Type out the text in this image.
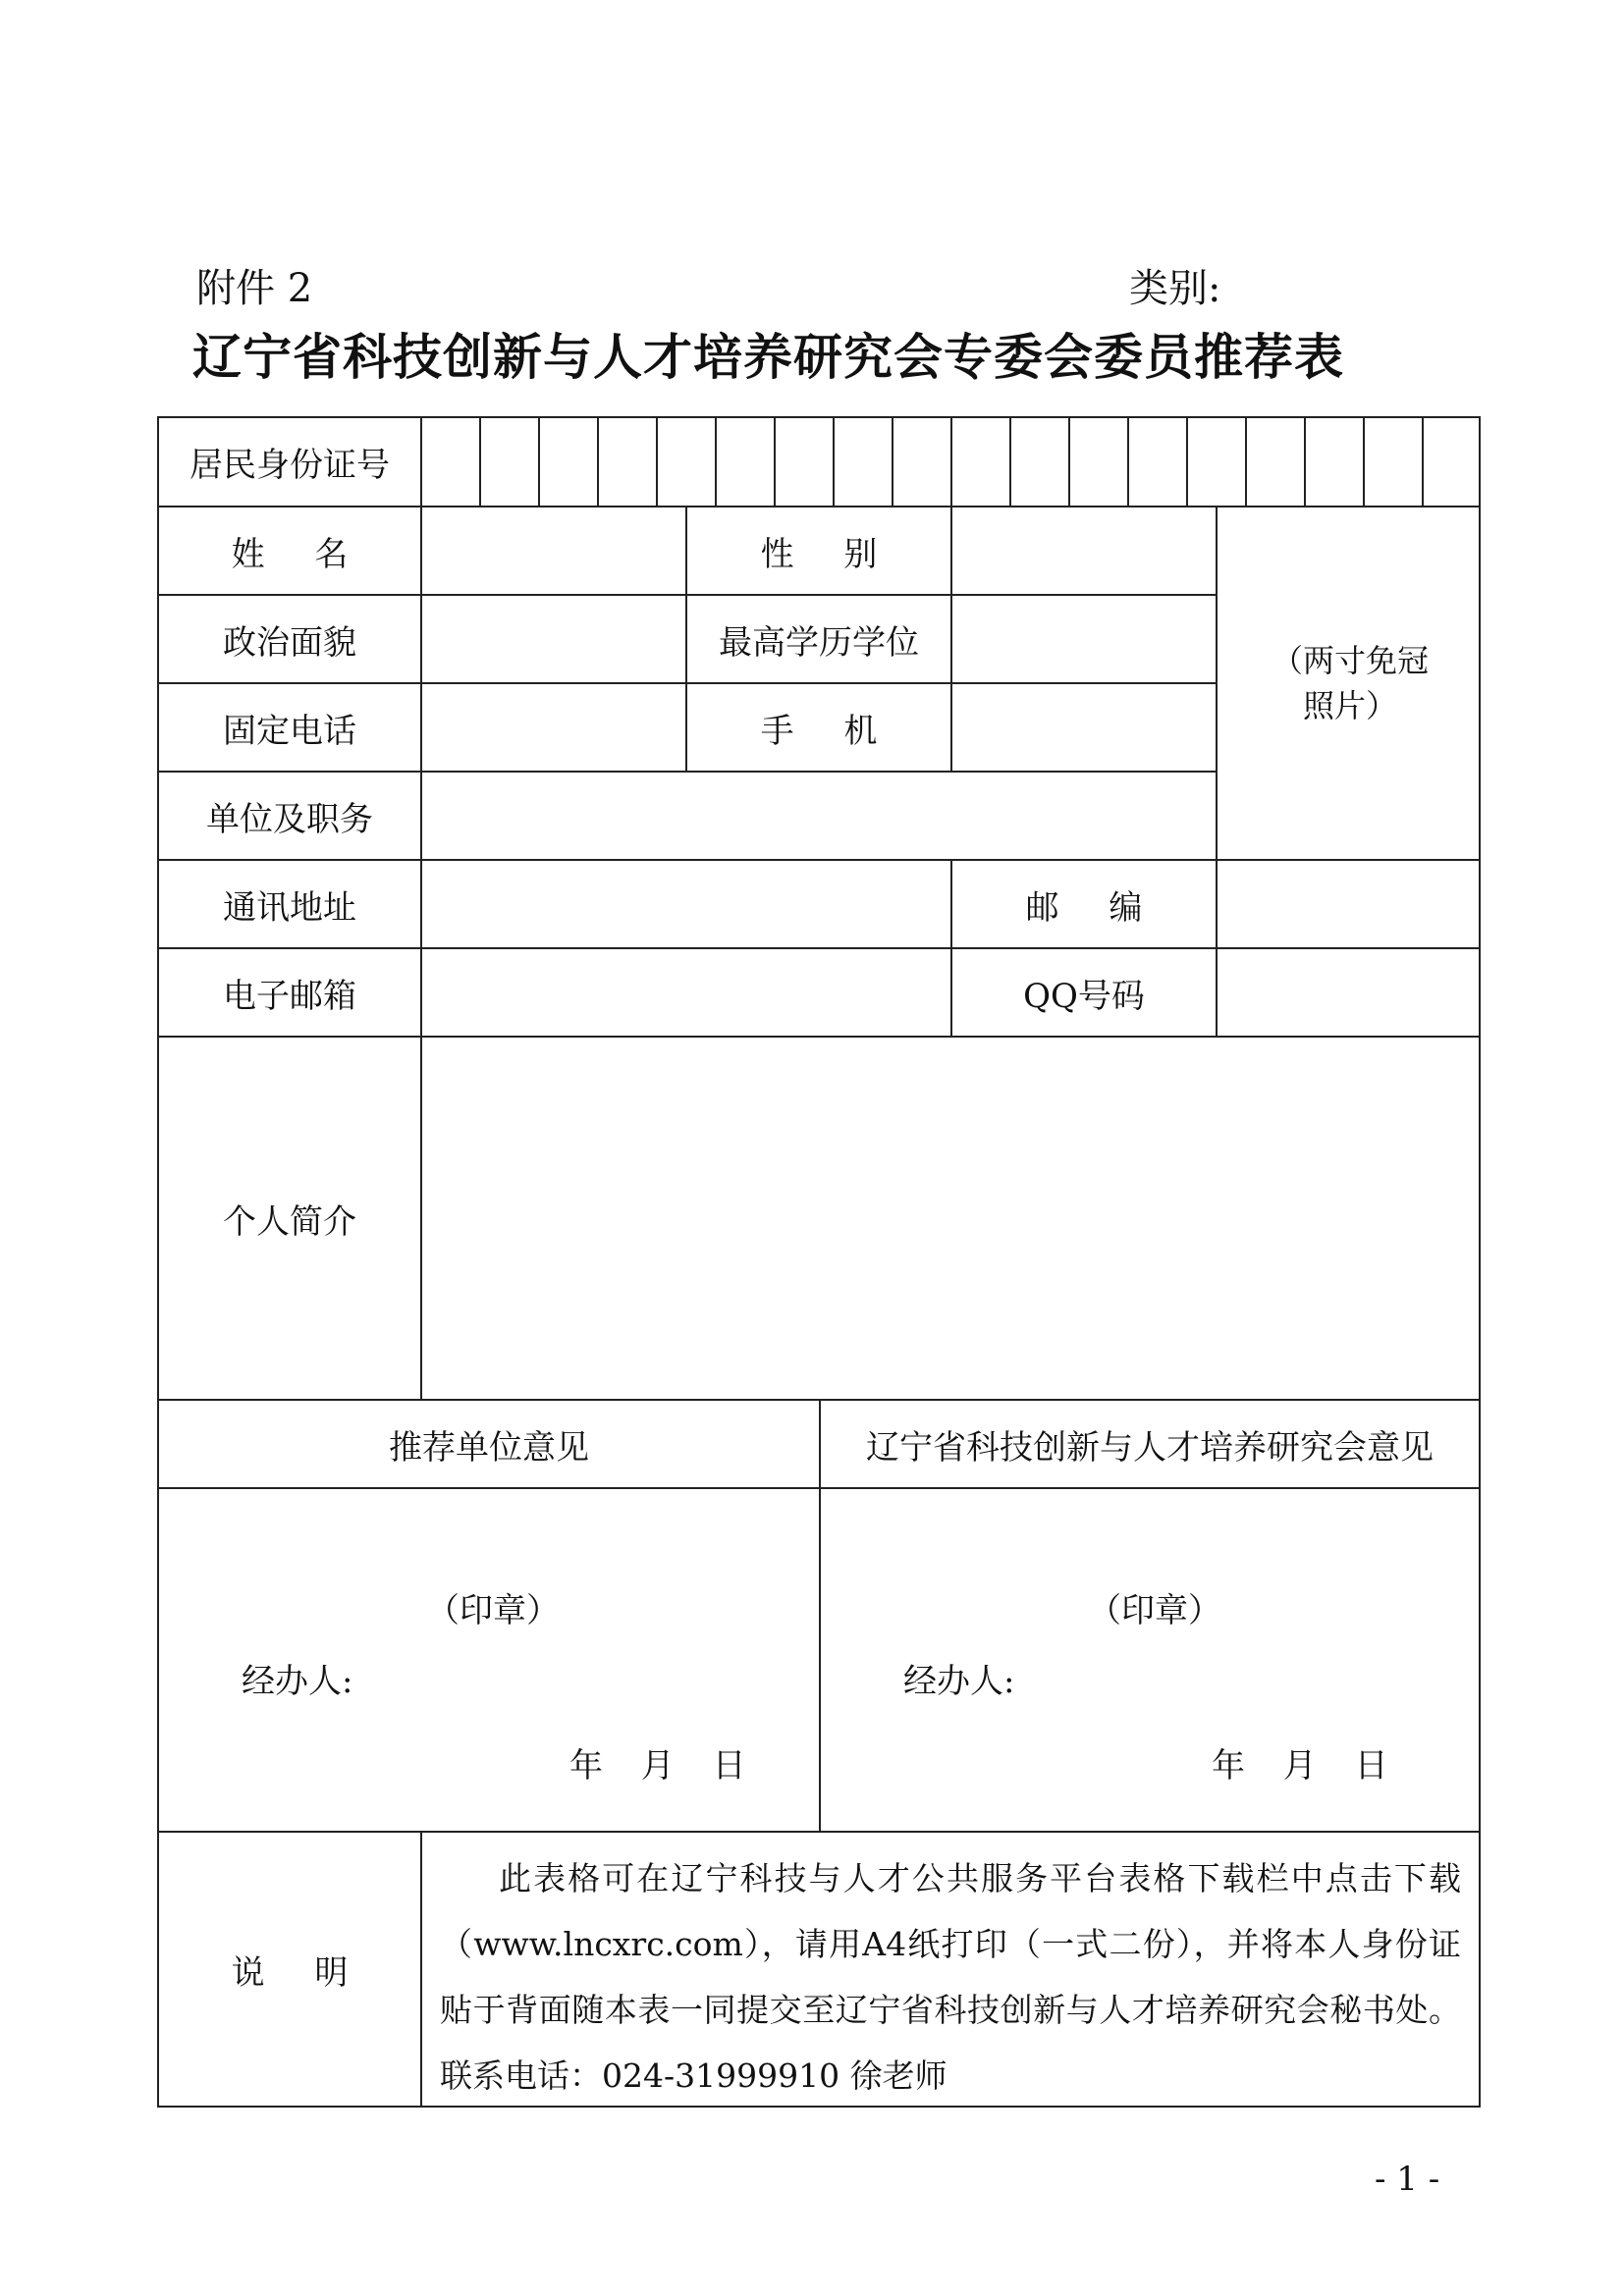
附件 2	类别:
辽宁省科技创新与人才培养研究会专委会委员推荐表
居民身份证号
姓 名	性 别
政治面貌	最高学历学位
固定电话	手 机
（两寸免冠照片）
单位及职务
通讯地址	邮 编
电子邮箱	QQ号码
个人简介
推荐单位意见	辽宁省科技创新与人才培养研究会意见
（印章）
经办人:
年 月 日
（印章）
经办人:
年 月 日
说 明
此表格可在辽宁科技与人才公共服务平台表格下载栏中点击下载（www.lncxrc.com），请用A4纸打印（一式二份），并将本人身份证贴于背面随本表一同提交至辽宁省科技创新与人才培养研究会秘书处。联系电话：024-31999910 徐老师
- 1 -
